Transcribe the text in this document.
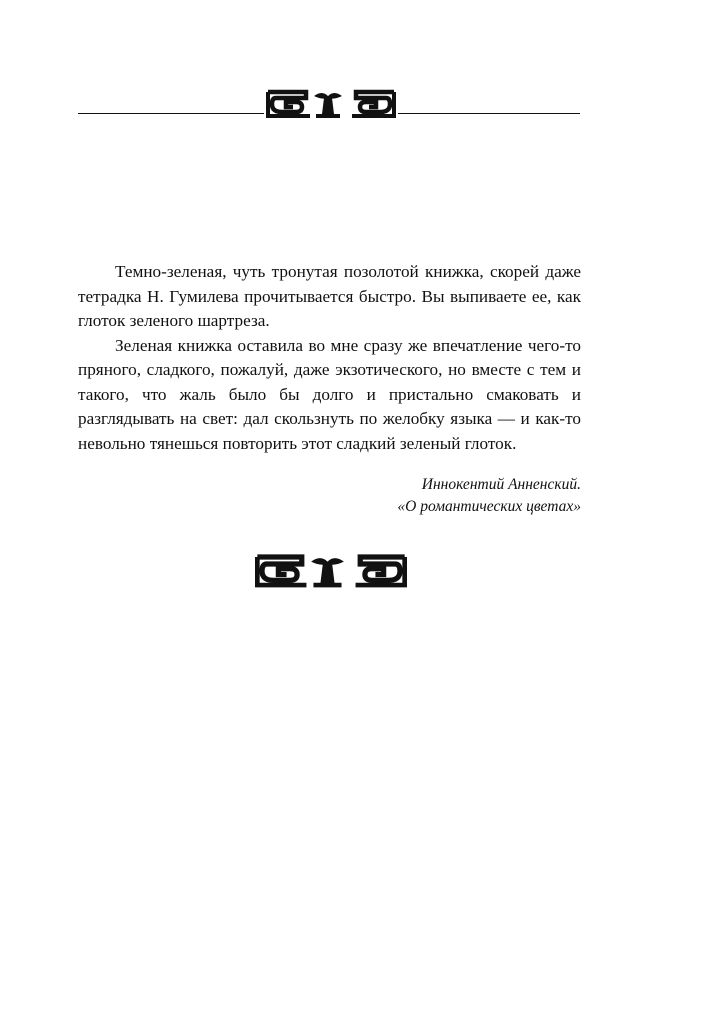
Темно-зеленая, чуть тронутая позолотой книжка, скорей даже тетрадка Н. Гумилева прочитывается быстро. Вы выпиваете ее, как глоток зеленого шартреза.

Зеленая книжка оставила во мне сразу же впечатление чего-то пряного, сладкого, пожалуй, даже экзотического, но вместе с тем и такого, что жаль было бы долго и пристально смаковать и разглядывать на свет: дал скользнуть по желобку языка — и как-то невольно тянешься повторить этот сладкий зеленый глоток.

Иннокентий Анненский.
«О романтических цветах»
